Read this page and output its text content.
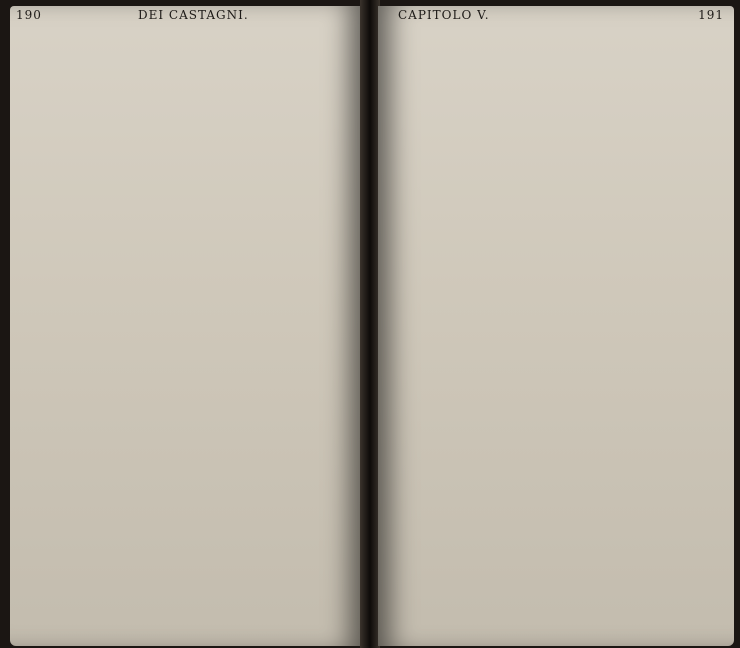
190	DEI CASTAGNI.	CAPITOLO V.	191
